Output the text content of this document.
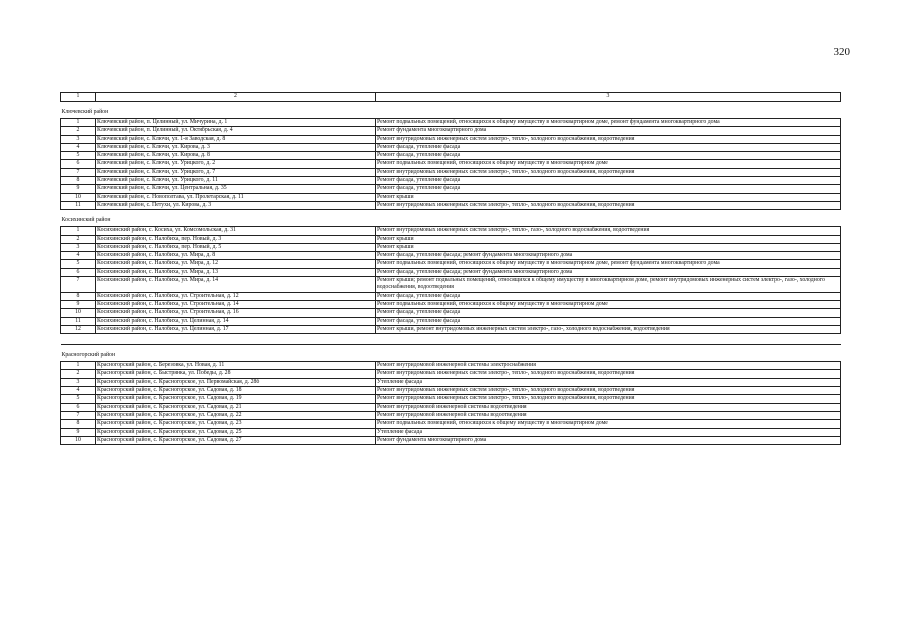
320
1	2	3
Ключевский район		
1	Ключевский район, п. Целинный, ул. Мичурина, д. 1	Ремонт подвальных помещений, относящихся к общему имуществу в многоквартирном доме, ремонт фундамента многоквартирного дома
2	Ключевский район, п. Целинный, ул. Октябрьская, д. 4	Ремонт фундамента многоквартирного дома
3	Ключевский район, с. Ключи, ул. 1-я Заводская, д. 8	Ремонт внутридомовых инженерных систем электро-, тепло-, холодного водоснабжения, водоотведения
4	Ключевский район, с. Ключи, ул. Кирова, д. 3	Ремонт фасада, утепление фасада
5	Ключевский район, с. Ключи, ул. Кирова, д. 8	Ремонт фасада, утепление фасада
6	Ключевский район, с. Ключи, ул. Урицкого, д. 2	Ремонт подвальных помещений, относящихся к общему имуществу в многоквартирном доме
7	Ключевский район, с. Ключи, ул. Урицкого, д. 7	Ремонт внутридомовых инженерных систем электро-, тепло-, холодного водоснабжения, водоотведения
8	Ключевский район, с. Ключи, ул. Урицкого, д. 11	Ремонт фасада, утепление фасада
9	Ключевский район, с. Ключи, ул. Центральная, д. 35	Ремонт фасада, утепление фасада
10	Ключевский район, с. Новополтава, ул. Пролетарская, д. 11	Ремонт крыши
11	Ключевский район, с. Петухи, ул. Кирова, д. 3	Ремонт внутридомовых инженерных систем электро-, тепло-, холодного водоснабжения, водоотведения
Косихинский район		
1	Косихинский район, с. Косиха, ул. Комсомольская, д. 31	Ремонт внутридомовых инженерных систем электро-, тепло-, газо-, холодного водоснабжения, водоотведения
2	Косихинский район, с. Налобиха, пер. Новый, д. 3	Ремонт крыши
3	Косихинский район, с. Налобиха, пер. Новый, д. 5	Ремонт крыши
4	Косихинский район, с. Налобиха, ул. Мира, д. 8	Ремонт фасада, утепление фасада; ремонт фундамента многоквартирного дома
5	Косихинский район, с. Налобиха, ул. Мира, д. 12	Ремонт подвальных помещений, относящихся к общему имуществу в многоквартирном доме, ремонт фундамента многоквартирного дома
6	Косихинский район, с. Налобиха, ул. Мира, д. 13	Ремонт фасада, утепление фасада; ремонт фундамента многоквартирного дома
7	Косихинский район, с. Налобиха, ул. Мира, д. 14	Ремонт крыши; ремонт подвальных помещений, относящихся к общему имуществу в многоквартирном доме, ремонт внутридомовых инженерных систем электро-, газо-, холодного водоснабжения, водоотведения
8	Косихинский район, с. Налобиха, ул. Строительная, д. 12	Ремонт фасада, утепление фасада
9	Косихинский район, с. Налобиха, ул. Строительная, д. 14	Ремонт подвальных помещений, относящихся к общему имуществу в многоквартирном доме
10	Косихинский район, с. Налобиха, ул. Строительная, д. 16	Ремонт фасада, утепление фасада
11	Косихинский район, с. Налобиха, ул. Целинная, д. 14	Ремонт фасада, утепление фасада
12	Косихинский район, с. Налобиха, ул. Целинная, д. 17	Ремонт крыши, ремонт внутридомовых инженерных систем электро-, газо-, холодного водоснабжения, водоотведения

Красногорский район		
1	Красногорский район, с. Березовка, ул. Новая, д. 11	Ремонт внутридомовой инженерной системы электроснабжения
2	Красногорский район, с. Быстрянка, ул. Победы, д. 28	Ремонт внутридомовых инженерных систем электро-, тепло-, холодного водоснабжения, водоотведения
3	Красногорский район, с. Красногорское, ул. Первомайская, д. 28б	Утепление фасада
4	Красногорский район, с. Красногорское, ул. Садовая, д. 18	Ремонт внутридомовых инженерных систем электро-, тепло-, холодного водоснабжения, водоотведения
5	Красногорский район, с. Красногорское, ул. Садовая, д. 19	Ремонт внутридомовых инженерных систем электро-, тепло-, холодного водоснабжения, водоотведения
6	Красногорский район, с. Красногорское, ул. Садовая, д. 21	Ремонт внутридомовой инженерной системы водоотведения
7	Красногорский район, с. Красногорское, ул. Садовая, д. 22	Ремонт внутридомовой инженерной системы водоотведения
8	Красногорский район, с. Красногорское, ул. Садовая, д. 23	Ремонт подвальных помещений, относящихся к общему имуществу в многоквартирном доме
9	Красногорский район, с. Красногорское, ул. Садовая, д. 25	Утепление фасада
10	Красногорский район, с. Красногорское, ул. Садовая, д. 27	Ремонт фундамента многоквартирного дома
